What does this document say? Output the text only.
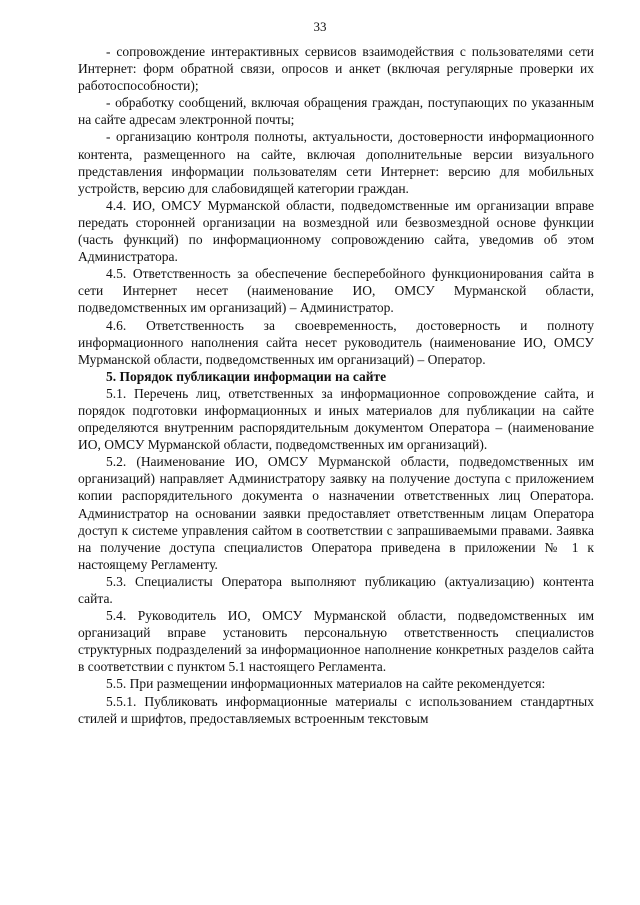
33

- сопровождение интерактивных сервисов взаимодействия с пользователями сети Интернет: форм обратной связи, опросов и анкет (включая регулярные проверки их работоспособности);

- обработку сообщений, включая обращения граждан, поступающих по указанным на сайте адресам электронной почты;

- организацию контроля полноты, актуальности, достоверности информационного контента, размещенного на сайте, включая дополнительные версии визуального представления информации пользователям сети Интернет: версию для мобильных устройств, версию для слабовидящей категории граждан.

4.4. ИО, ОМСУ Мурманской области, подведомственные им организации вправе передать сторонней организации на возмездной или безвозмездной основе функции (часть функций) по информационному сопровождению сайта, уведомив об этом Администратора.

4.5. Ответственность за обеспечение бесперебойного функционирования сайта в сети Интернет несет (наименование ИО, ОМСУ Мурманской области, подведомственных им организаций) – Администратор.

4.6. Ответственность за своевременность, достоверность и полноту информационного наполнения сайта несет руководитель (наименование ИО, ОМСУ Мурманской области, подведомственных им организаций) – Оператор.

5. Порядок публикации информации на сайте

5.1. Перечень лиц, ответственных за информационное сопровождение сайта, и порядок подготовки информационных и иных материалов для публикации на сайте определяются внутренним распорядительным документом Оператора – (наименование ИО, ОМСУ Мурманской области, подведомственных им организаций).

5.2. (Наименование ИО, ОМСУ Мурманской области, подведомственных им организаций) направляет Администратору заявку на получение доступа с приложением копии распорядительного документа о назначении ответственных лиц Оператора. Администратор на основании заявки предоставляет ответственным лицам Оператора доступ к системе управления сайтом в соответствии с запрашиваемыми правами. Заявка на получение доступа специалистов Оператора приведена в приложении № 1 к настоящему Регламенту.

5.3. Специалисты Оператора выполняют публикацию (актуализацию) контента сайта.

5.4. Руководитель ИО, ОМСУ Мурманской области, подведомственных им организаций вправе установить персональную ответственность специалистов структурных подразделений за информационное наполнение конкретных разделов сайта в соответствии с пунктом 5.1 настоящего Регламента.

5.5. При размещении информационных материалов на сайте рекомендуется:

5.5.1. Публиковать информационные материалы с использованием стандартных стилей и шрифтов, предоставляемых встроенным текстовым
